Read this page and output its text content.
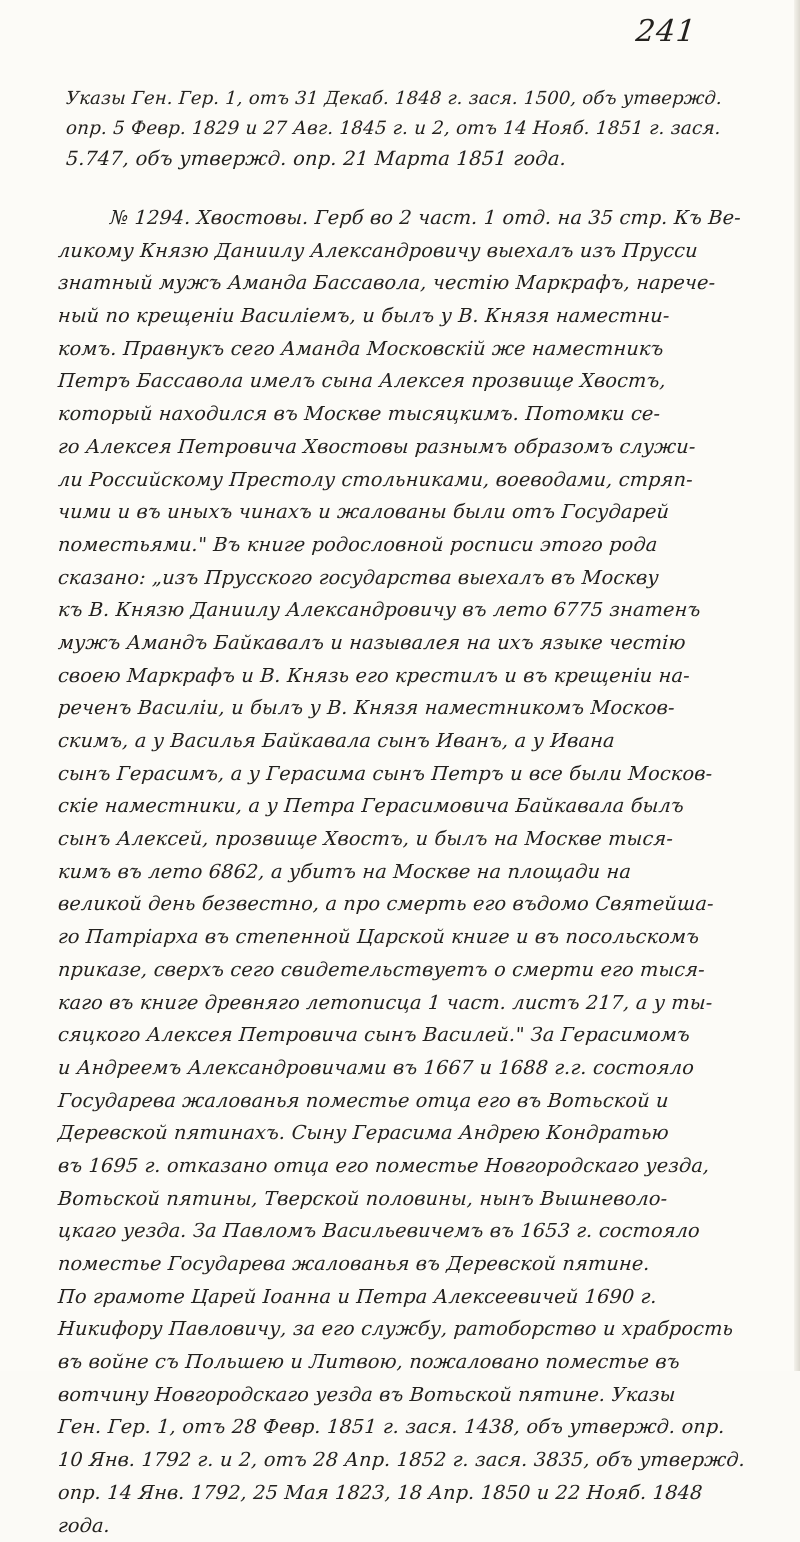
241
Указы Ген. Гер. 1, отъ 31 Декаб. 1848 г. зася. 1500, объ утвержд.
опр. 5 Февр. 1829 и 27 Авг. 1845 г. и 2, отъ 14 Нояб. 1851 г. зася.
5.747, объ утвержд. опр. 21 Марта 1851 года.
№ 1294. Хвостовы. Герб во 2 част. 1 отд. на 35 стр. Къ Ве-
ликому Князю Даниилу Александровичу выехалъ изъ Прусси
знатный мужъ Аманда Бассавола, честію Маркрафъ, нарече-
ный по крещеніи Василіемъ, и былъ у В. Князя наместни-
комъ. Правнукъ сего Аманда Московскій же наместникъ
Петръ Бассавола имелъ сына Алексея прозвище Хвостъ,
который находился въ Москве тысяцкимъ. Потомки се-
го Алексея Петровича Хвостовы разнымъ образомъ служи-
ли Российскому Престолу стольниками, воеводами, стряп-
чими и въ иныхъ чинахъ и жалованы были отъ Государей
поместьями." Въ книге родословной росписи этого рода
сказано: „изъ Прусского государства выехалъ въ Москву
къ В. Князю Даниилу Александровичу въ лето 6775 знатенъ
мужъ Амандъ Байкавалъ и называлея на ихъ языке честію
своею Маркрафъ и В. Князь его крестилъ и въ крещеніи на-
реченъ Василіи, и былъ у В. Князя наместникомъ Москов-
скимъ, а у Василья Байкавала сынъ Иванъ, а у Ивана
сынъ Герасимъ, а у Герасима сынъ Петръ и все были Москов-
скіе наместники, а у Петра Герасимовича Байкавала былъ
сынъ Алексей, прозвище Хвостъ, и былъ на Москве тыся-
кимъ въ лето 6862, а убитъ на Москве на площади на
великой день безвестно, а про смерть его въдомо Святейша-
го Патріарха въ степенной Царской книге и въ посольскомъ
приказе, сверхъ сего свидетельствуетъ о смерти его тыся-
каго въ книге древняго летописца 1 част. листъ 217, а у ты-
сяцкого Алексея Петровича сынъ Василей." За Герасимомъ
и Андреемъ Александровичами въ 1667 и 1688 г.г. состояло
Государева жалованья поместье отца его въ Вотьской и
Деревской пятинахъ. Сыну Герасима Андрею Кондратью
въ 1695 г. отказано отца его поместье Новгородскаго уезда,
Вотьской пятины, Тверской половины, нынъ Вышневоло-
цкаго уезда. За Павломъ Васильевичемъ въ 1653 г. состояло
поместье Государева жалованья въ Деревской пятине.
По грамоте Царей Іоанна и Петра Алексеевичей 1690 г.
Никифору Павловичу, за его службу, ратоборство и храбрость
въ войне съ Польшею и Литвою, пожаловано поместье въ
вотчину Новгородскаго уезда въ Вотьской пятине. Указы
Ген. Гер. 1, отъ 28 Февр. 1851 г. зася. 1438, объ утвержд. опр.
10 Янв. 1792 г. и 2, отъ 28 Апр. 1852 г. зася. 3835, объ утвержд.
опр. 14 Янв. 1792, 25 Мая 1823, 18 Апр. 1850 и 22 Нояб. 1848
года.
